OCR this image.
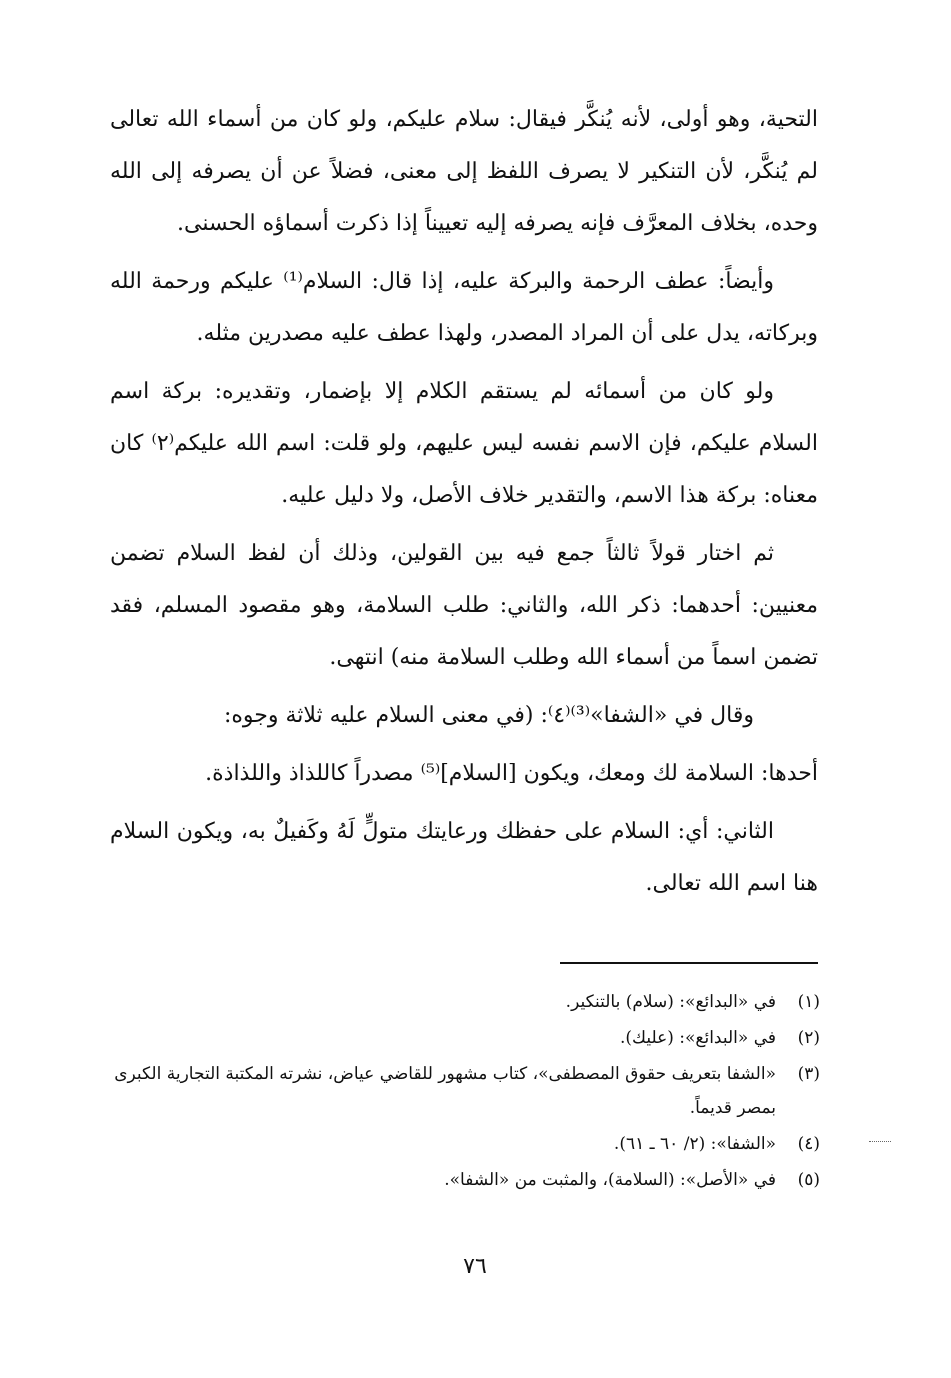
التحية، وهو أولى، لأنه يُنكَّر فيقال: سلام عليكم، ولو كان من أسماء الله تعالى لم يُنكَّر، لأن التنكير لا يصرف اللفظ إلى معنى، فضلاً عن أن يصرفه إلى الله وحده، بخلاف المعرَّف فإنه يصرفه إليه تعييناً إذا ذكرت أسماؤه الحسنى.

وأيضاً: عطف الرحمة والبركة عليه، إذا قال: السلام⁽¹⁾ عليكم ورحمة الله وبركاته، يدل على أن المراد المصدر، ولهذا عطف عليه مصدرين مثله.

ولو كان من أسمائه لم يستقم الكلام إلا بإضمار، وتقديره: بركة اسم السلام عليكم، فإن الاسم نفسه ليس عليهم، ولو قلت: اسم الله عليكم⁽٢⁾ كان معناه: بركة هذا الاسم، والتقدير خلاف الأصل، ولا دليل عليه.

ثم اختار قولاً ثالثاً جمع فيه بين القولين، وذلك أن لفظ السلام تضمن معنيين: أحدهما: ذكر الله، والثاني: طلب السلامة، وهو مقصود المسلم، فقد تضمن اسماً من أسماء الله وطلب السلامة منه) انتهى.

وقال في «الشفا»⁽³⁾⁽٤⁾: (في معنى السلام عليه ثلاثة وجوه:

أحدها: السلامة لك ومعك، ويكون [السلام]⁽⁵⁾ مصدراً كاللذاذ واللذاذة.

الثاني: أي: السلام على حفظك ورعايتك متولٍّ لَهُ وكَفيلٌ به، ويكون السلام هنا اسم الله تعالى.

(١)
في «البدائع»: (سلام) بالتنكير.
(٢)
في «البدائع»: (عليك).
(٣)
«الشفا بتعريف حقوق المصطفى»، كتاب مشهور للقاضي عياض، نشرته المكتبة التجارية الكبرى بمصر قديماً.
(٤)
«الشفا»: (٢/ ٦٠ ـ ٦١).
(٥)
في «الأصل»: (السلامة)، والمثبت من «الشفا».
٧٦
